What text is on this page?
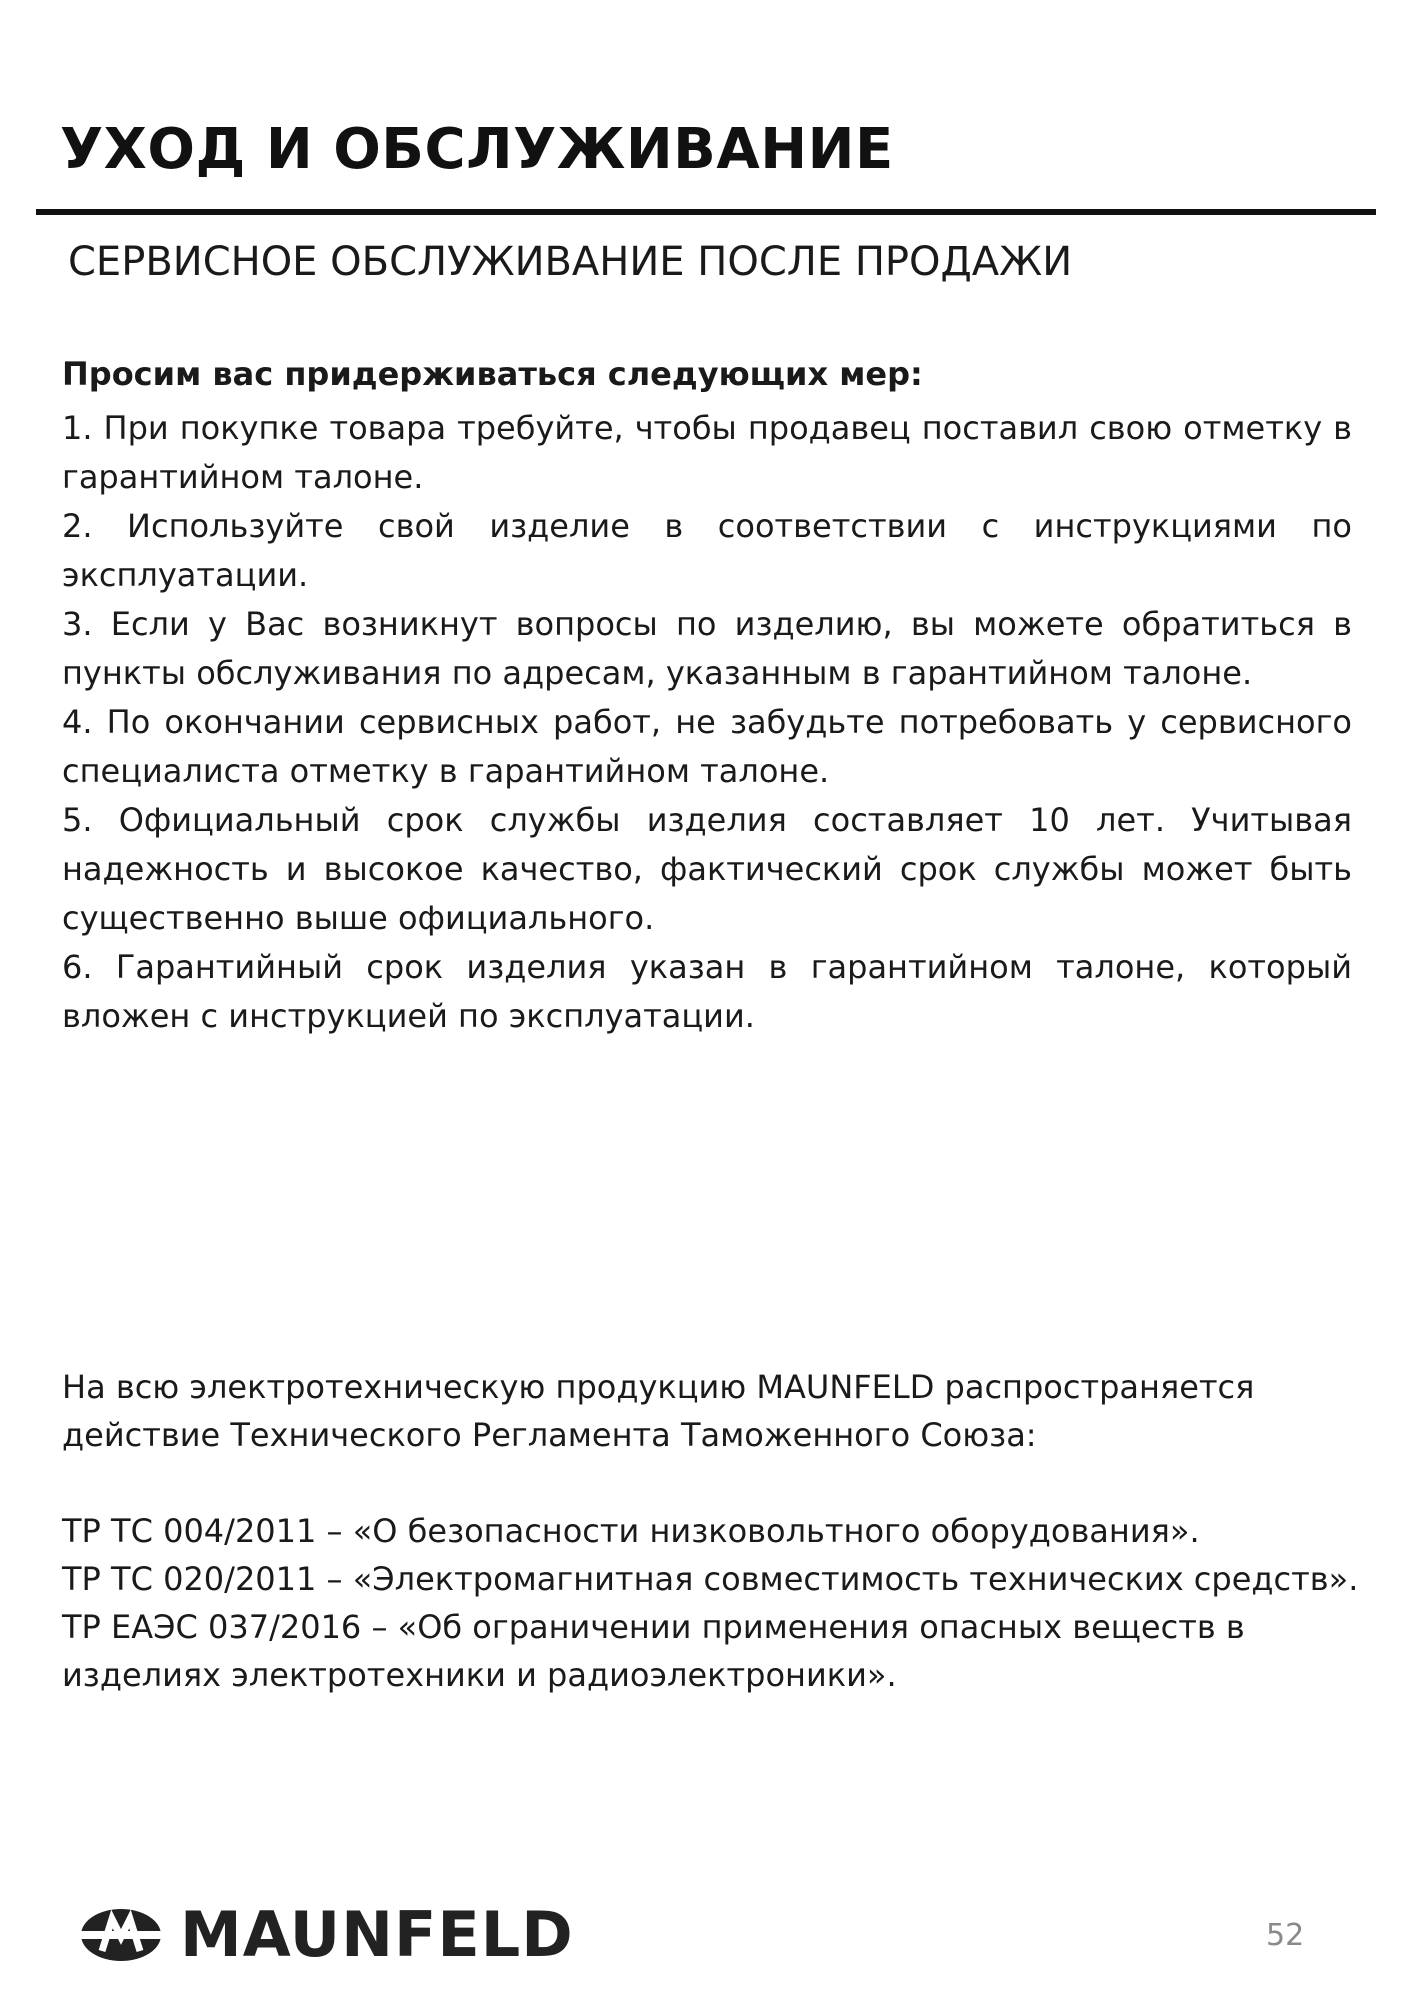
УХОД И ОБСЛУЖИВАНИЕ
СЕРВИСНОЕ ОБСЛУЖИВАНИЕ ПОСЛЕ ПРОДАЖИ

Просим вас придерживаться следующих мер:

1. При покупке товара требуйте, чтобы продавец поставил свою отметку в гарантийном талоне.

2. Используйте свой изделие в соответствии с инструкциями по эксплуатации.

3. Если у Вас возникнут вопросы по изделию, вы можете обратиться в пункты обслуживания по адресам, указанным в гарантийном талоне.

4. По окончании сервисных работ, не забудьте потребовать у сервисного специалиста отметку в гарантийном талоне.

5. Официальный срок службы изделия составляет 10 лет. Учитывая надежность и высокое качество, фактический срок службы может быть существенно выше официального.

6. Гарантийный срок изделия указан в гарантийном талоне, который вложен с инструкцией по эксплуатации.

На всю электротехническую продукцию MAUNFELD распространяется действие Технического Регламента Таможенного Союза:

ТР ТС 004/2011 – «О безопасности низковольтного оборудования».

ТР ТС 020/2011 – «Электромагнитная совместимость технических средств».

ТР ЕАЭС 037/2016 – «Об ограничении применения опасных веществ в изделиях электротехники и радиоэлектроники».

MAUNFELD	52
